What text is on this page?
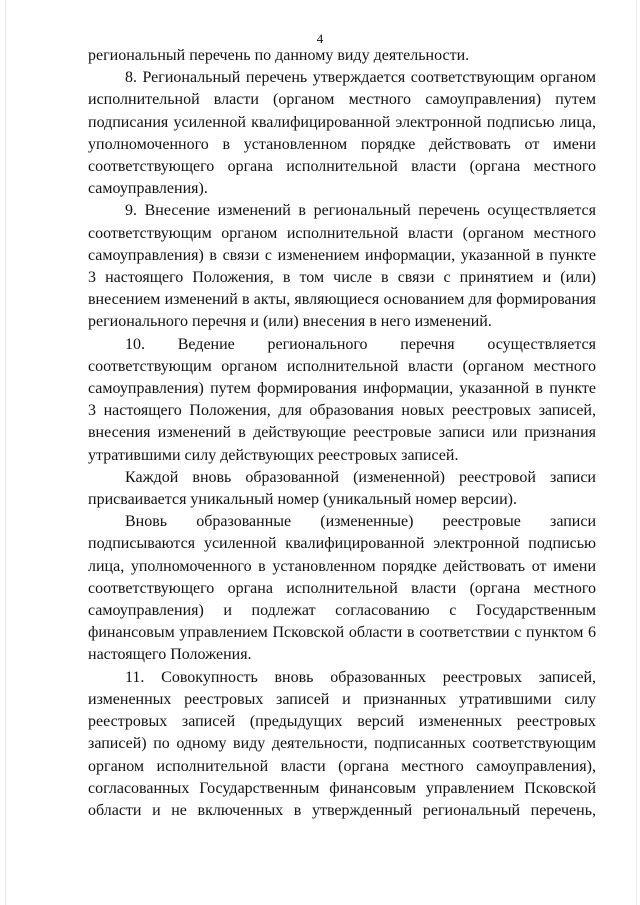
4
региональный перечень по данному виду деятельности.
8. Региональный перечень утверждается соответствующим органом
исполнительной власти (органом местного самоуправления) путем
подписания усиленной квалифицированной электронной подписью лица,
уполномоченного в установленном порядке действовать от имени
соответствующего органа исполнительной власти (органа местного
самоуправления).
9. Внесение изменений в региональный перечень осуществляется
соответствующим органом исполнительной власти (органом местного
самоуправления) в связи с изменением информации, указанной в пункте
3 настоящего Положения, в том числе в связи с принятием и (или)
внесением изменений в акты, являющиеся основанием для формирования
регионального перечня и (или) внесения в него изменений.
10. Ведение регионального перечня осуществляется
соответствующим органом исполнительной власти (органом местного
самоуправления) путем формирования информации, указанной в пункте
3 настоящего Положения, для образования новых реестровых записей,
внесения изменений в действующие реестровые записи или признания
утратившими силу действующих реестровых записей.
Каждой вновь образованной (измененной) реестровой записи
присваивается уникальный номер (уникальный номер версии).
Вновь образованные (измененные) реестровые записи
подписываются усиленной квалифицированной электронной подписью
лица, уполномоченного в установленном порядке действовать от имени
соответствующего органа исполнительной власти (органа местного
самоуправления) и подлежат согласованию с Государственным
финансовым управлением Псковской области в соответствии с пунктом 6
настоящего Положения.
11. Совокупность вновь образованных реестровых записей,
измененных реестровых записей и признанных утратившими силу
реестровых записей (предыдущих версий измененных реестровых
записей) по одному виду деятельности, подписанных соответствующим
органом исполнительной власти (органа местного самоуправления),
согласованных Государственным финансовым управлением Псковской
области и не включенных в утвержденный региональный перечень,
